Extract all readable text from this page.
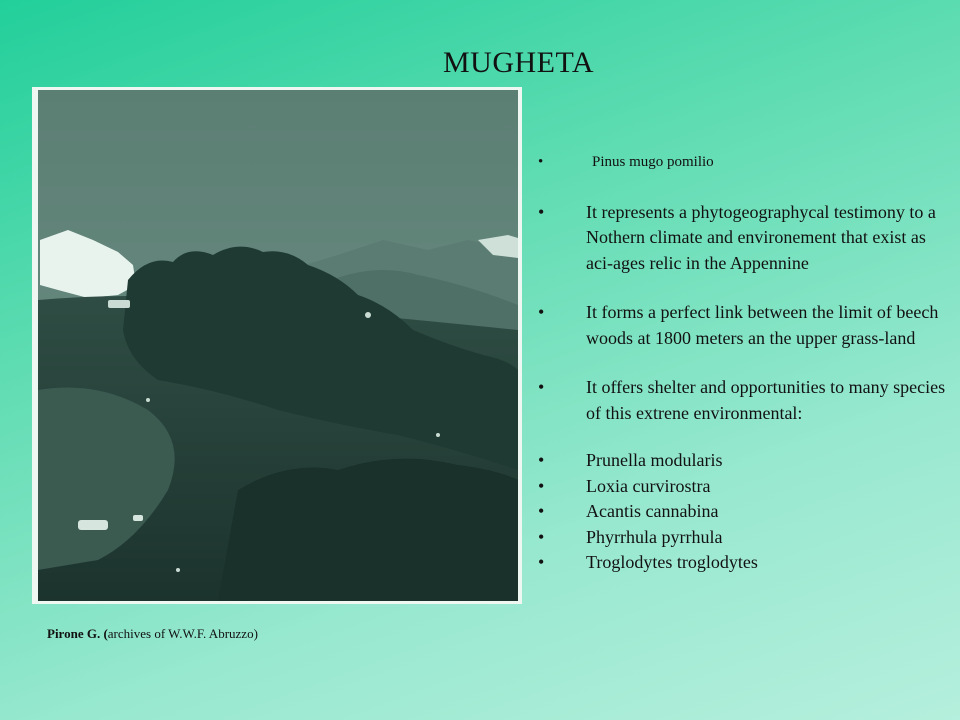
MUGHETA
Pirone G. (archives of W.W.F. Abruzzo)
• Pinus mugo pomilio
• It represents a phytogeographycal testimony to a Nothern climate and environement that exist as aci-ages relic in the Appennine
• It forms a perfect link between the limit of beech woods at 1800 meters an the upper grass-land
• It offers shelter and opportunities to many species of this extrene environmental:
• Prunella modularis
• Loxia curvirostra
• Acantis cannabina
• Phyrrhula pyrrhula
• Troglodytes troglodytes
